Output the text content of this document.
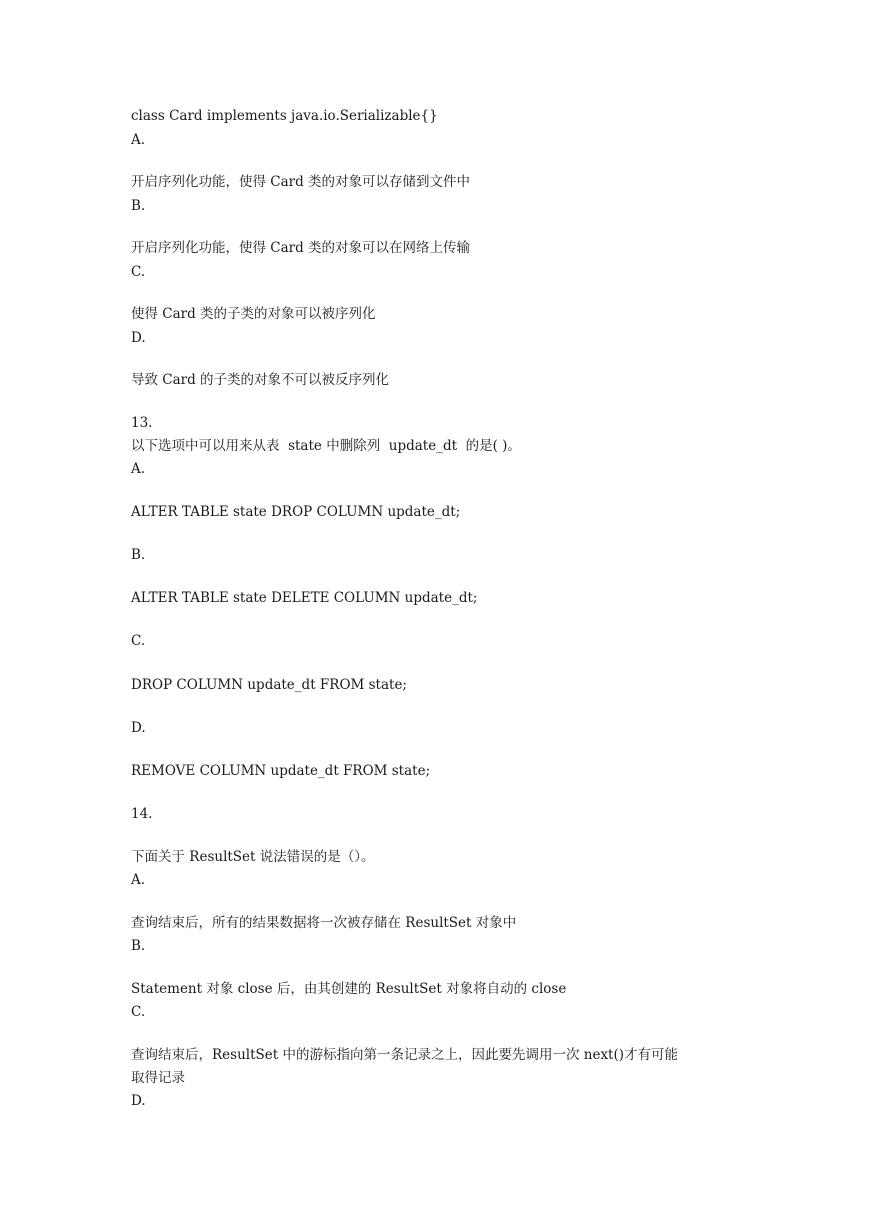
class Card implements java.io.Serializable{}
A.
开启序列化功能，使得 Card 类的对象可以存储到文件中
B.
开启序列化功能，使得 Card 类的对象可以在网络上传输
C.
使得 Card 类的子类的对象可以被序列化
D.
导致 Card 的子类的对象不可以被反序列化
13.
以下选项中可以用来从表  state 中删除列  update_dt  的是( )。
A.
ALTER TABLE state DROP COLUMN update_dt;
B.
ALTER TABLE state DELETE COLUMN update_dt;
C.
DROP COLUMN update_dt FROM state;
D.
REMOVE COLUMN update_dt FROM state;
14.
下面关于 ResultSet 说法错误的是（）。
A.
查询结束后，所有的结果数据将一次被存储在 ResultSet 对象中
B.
Statement 对象 close 后，由其创建的 ResultSet 对象将自动的 close
C.
查询结束后，ResultSet 中的游标指向第一条记录之上，因此要先调用一次 next()才有可能
取得记录
D.
